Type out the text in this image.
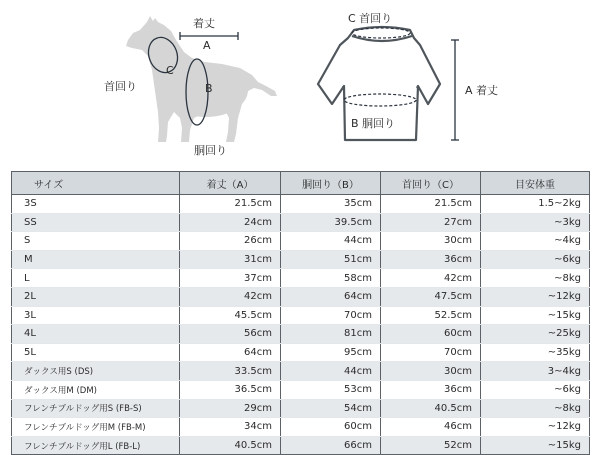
着丈
A
C
首回り	B
胴回り
C 首回り
B 胴回り
A 着丈
サイズ	着丈（A）	胴回り（B）	首回り（C）	目安体重
3S	21.5cm	35cm	21.5cm	1.5~2kg
SS	24cm	39.5cm	27cm	~3kg
S	26cm	44cm	30cm	~4kg
M	31cm	51cm	36cm	~6kg
L	37cm	58cm	42cm	~8kg
2L	42cm	64cm	47.5cm	~12kg
3L	45.5cm	70cm	52.5cm	~15kg
4L	56cm	81cm	60cm	~25kg
5L	64cm	95cm	70cm	~35kg
ダックス用S (DS)	33.5cm	44cm	30cm	3~4kg
ダックス用M (DM)	36.5cm	53cm	36cm	~6kg
フレンチブルドッグ用S (FB-S)	29cm	54cm	40.5cm	~8kg
フレンチブルドッグ用M (FB-M)	34cm	60cm	46cm	~12kg
フレンチブルドッグ用L (FB-L)	40.5cm	66cm	52cm	~15kg
